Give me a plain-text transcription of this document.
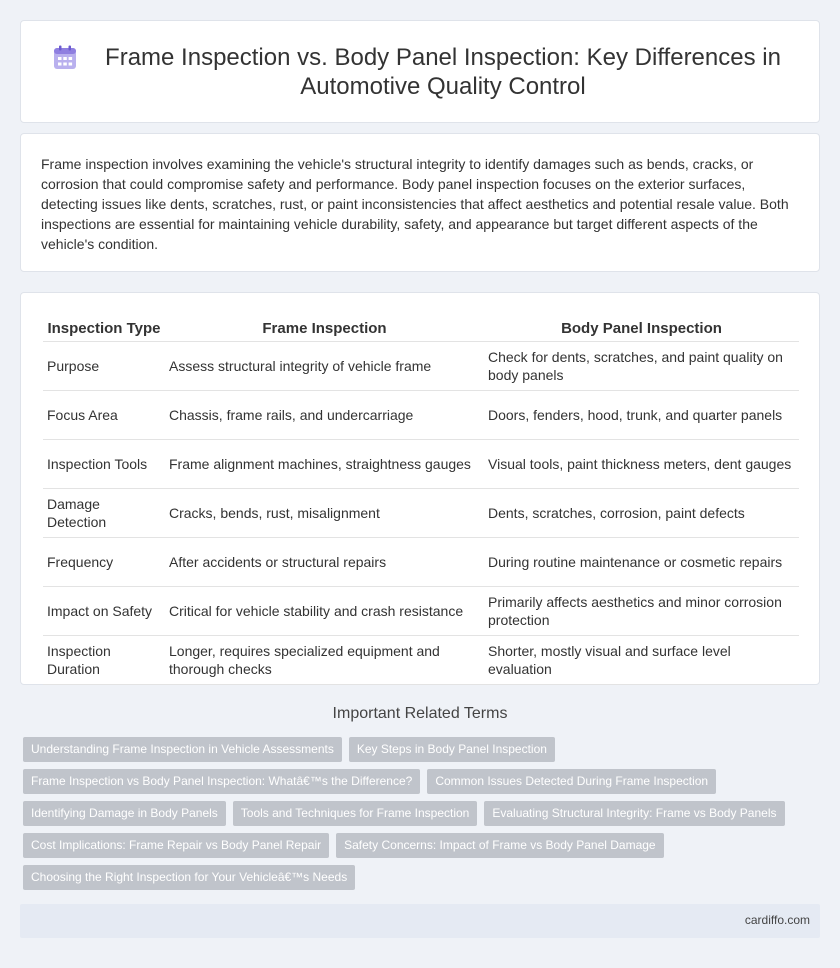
Frame Inspection vs. Body Panel Inspection: Key Differences in Automotive Quality Control

Frame inspection involves examining the vehicle's structural integrity to identify damages such as bends, cracks, or corrosion that could compromise safety and performance. Body panel inspection focuses on the exterior surfaces, detecting issues like dents, scratches, rust, or paint inconsistencies that affect aesthetics and potential resale value. Both inspections are essential for maintaining vehicle durability, safety, and appearance but target different aspects of the vehicle's condition.

Inspection Type	Frame Inspection	Body Panel Inspection
Purpose	Assess structural integrity of vehicle frame	Check for dents, scratches, and paint quality on body panels
Focus Area	Chassis, frame rails, and undercarriage	Doors, fenders, hood, trunk, and quarter panels
Inspection Tools	Frame alignment machines, straightness gauges	Visual tools, paint thickness meters, dent gauges
Damage Detection	Cracks, bends, rust, misalignment	Dents, scratches, corrosion, paint defects
Frequency	After accidents or structural repairs	During routine maintenance or cosmetic repairs
Impact on Safety	Critical for vehicle stability and crash resistance	Primarily affects aesthetics and minor corrosion protection
Inspection Duration	Longer, requires specialized equipment and thorough checks	Shorter, mostly visual and surface level evaluation
Important Related Terms
Understanding Frame Inspection in Vehicle Assessments	Key Steps in Body Panel Inspection
Frame Inspection vs Body Panel Inspection: Whatâ€™s the Difference?	Common Issues Detected During Frame Inspection
Identifying Damage in Body Panels	Tools and Techniques for Frame Inspection	Evaluating Structural Integrity: Frame vs Body Panels
Cost Implications: Frame Repair vs Body Panel Repair	Safety Concerns: Impact of Frame vs Body Panel Damage
Choosing the Right Inspection for Your Vehicleâ€™s Needs
cardiffo.com
